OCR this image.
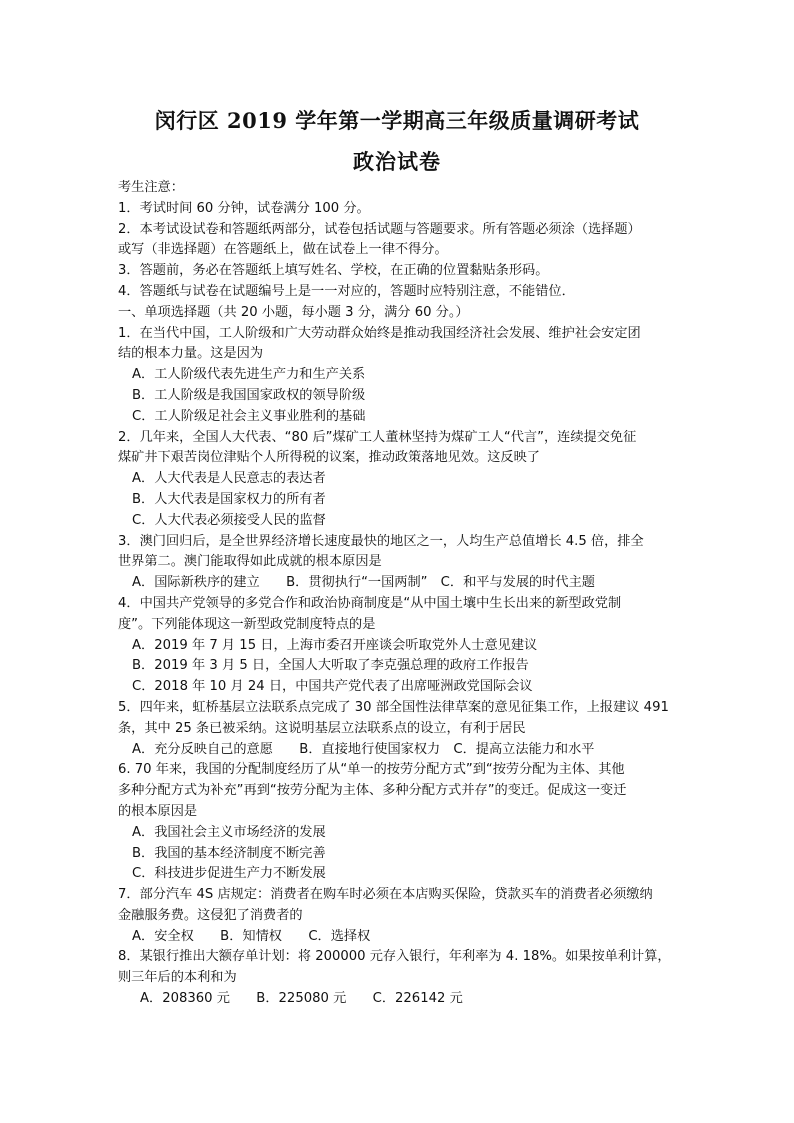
闵行区 2019 学年第一学期高三年级质量调研考试
政治试卷
考生注意：
1．考试时间 60 分钟，试卷满分 100 分。
2．本考试设试卷和答题纸两部分，试卷包括试题与答题要求。所有答题必须涂（选择题）
或写（非选择题）在答题纸上，做在试卷上一律不得分。
3．答题前，务必在答题纸上填写姓名、学校，在正确的位置黏贴条形码。
4．答题纸与试卷在试题编号上是一一对应的，答题时应特别注意，不能错位．
一、单项选择题（共 20 小题，每小题 3 分，满分 60 分。）
1．在当代中国，工人阶级和广大劳动群众始终是推动我国经济社会发展、维护社会安定团
结的根本力量。这是因为
A．工人阶级代表先进生产力和生产关系
B．工人阶级是我国国家政权的领导阶级
C．工人阶级足社会主义事业胜利的基础
2．几年来，全国人大代表、“80 后”煤矿工人董林坚持为煤矿工人“代言”，连续提交免征
煤矿井下艰苦岗位津贴个人所得税的议案，推动政策落地见效。这反映了
A．人大代表是人民意志的表达者
B．人大代表是国家权力的所有者
C．人大代表必须接受人民的监督
3．澳门回归后，是全世界经济增长速度最快的地区之一，人均生产总值增长 4.5 倍，排全
世界第二。澳门能取得如此成就的根本原因是
A．国际新秩序的建立　　B．贯彻执行“一国两制”　C．和平与发展的时代主题
4．中国共产党领导的多党合作和政治协商制度是“从中国土壤中生长出来的新型政党制
度”。下列能体现这一新型政党制度特点的是
A．2019 年 7 月 15 日，上海市委召开座谈会听取党外人士意见建议
B．2019 年 3 月 5 日，全国人大听取了李克强总理的政府工作报告
C．2018 年 10 月 24 日，中国共产党代表了出席哑洲政党国际会议
5．四年来，虹桥基层立法联系点完成了 30 部全国性法律草案的意见征集工作，上报建议 491
条，其中 25 条已被采纳。这说明基层立法联系点的设立，有利于居民
A．充分反映自己的意愿　　B．直接地行使国家权力　C．提高立法能力和水平
6. 70 年来，我国的分配制度经历了从“单一的按劳分配方式”到“按劳分配为主体、其他
多种分配方式为补充”再到“按劳分配为主体、多种分配方式并存”的变迁。促成这一变迁
的根本原因是
A．我国社会主义市场经济的发展
B．我国的基本经济制度不断完善
C．科技进步促进生产力不断发展
7．部分汽车 4S 店规定：消费者在购车时必须在本店购买保险，贷款买车的消费者必须缴纳
金融服务费。这侵犯了消费者的
A．安全权　　B．知情权　　C．选择权
8．某银行推出大额存单计划：将 200000 元存入银行，年利率为 4. 18%。如果按单利计算，
则三年后的本利和为
A．208360 元　　B．225080 元　　C．226142 元
